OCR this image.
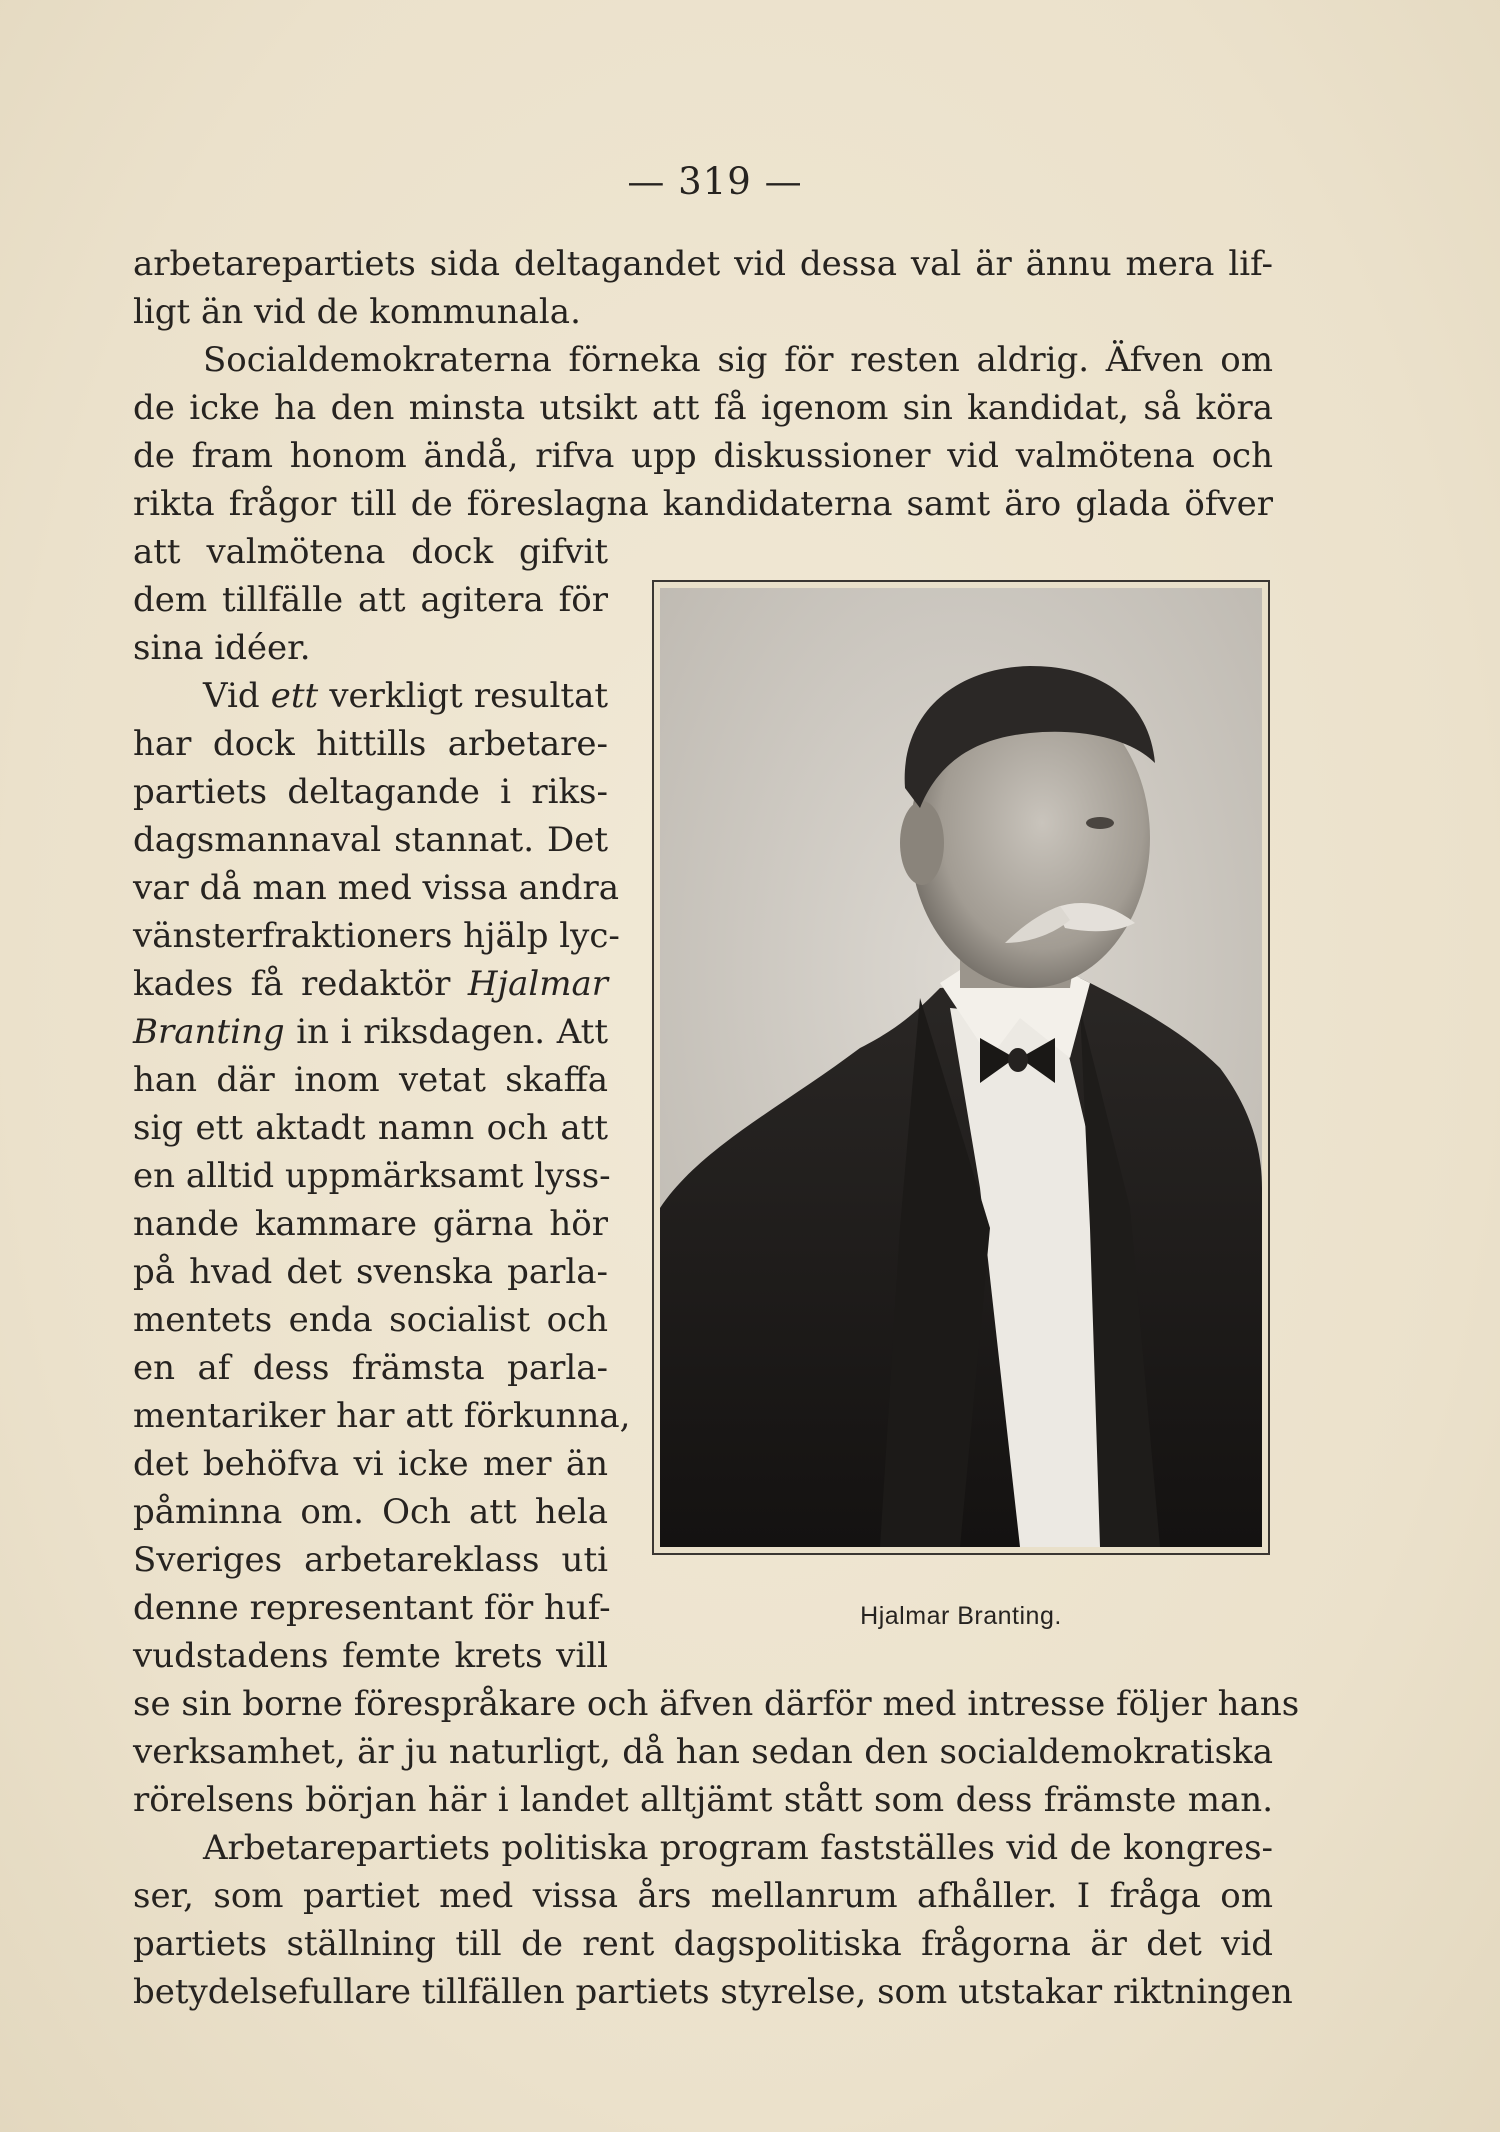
— 319 —
arbetarepartiets sida deltagandet vid dessa val är ännu mera lif-
ligt än vid de kommunala.
Socialdemokraterna förneka sig för resten aldrig. Äfven om
de icke ha den minsta utsikt att få igenom sin kandidat, så köra
de fram honom ändå, rifva upp diskussioner vid valmötena och
rikta frågor till de föreslagna kandidaterna samt äro glada öfver
att valmötena dock gifvit
dem tillfälle att agitera för
sina idéer.
Vid ett verkligt resultat
har dock hittills arbetare-
partiets deltagande i riks-
dagsmannaval stannat. Det
var då man med vissa andra
vänsterfraktioners hjälp lyc-
kades få redaktör Hjalmar
Branting in i riksdagen. Att
han där inom vetat skaffa
sig ett aktadt namn och att
en alltid uppmärksamt lyss-
nande kammare gärna hör
på hvad det svenska parla-
mentets enda socialist och
en af dess främsta parla-
mentariker har att förkunna,
det behöfva vi icke mer än
påminna om. Och att hela
Sveriges arbetareklass uti
denne representant för huf-
vudstadens femte krets vill
Hjalmar Branting.
se sin borne förespråkare och äfven därför med intresse följer hans
verksamhet, är ju naturligt, då han sedan den socialdemokratiska
rörelsens början här i landet alltjämt stått som dess främste man.
Arbetarepartiets politiska program fastställes vid de kongres-
ser, som partiet med vissa års mellanrum afhåller. I fråga om
partiets ställning till de rent dagspolitiska frågorna är det vid
betydelsefullare tillfällen partiets styrelse, som utstakar riktningen
